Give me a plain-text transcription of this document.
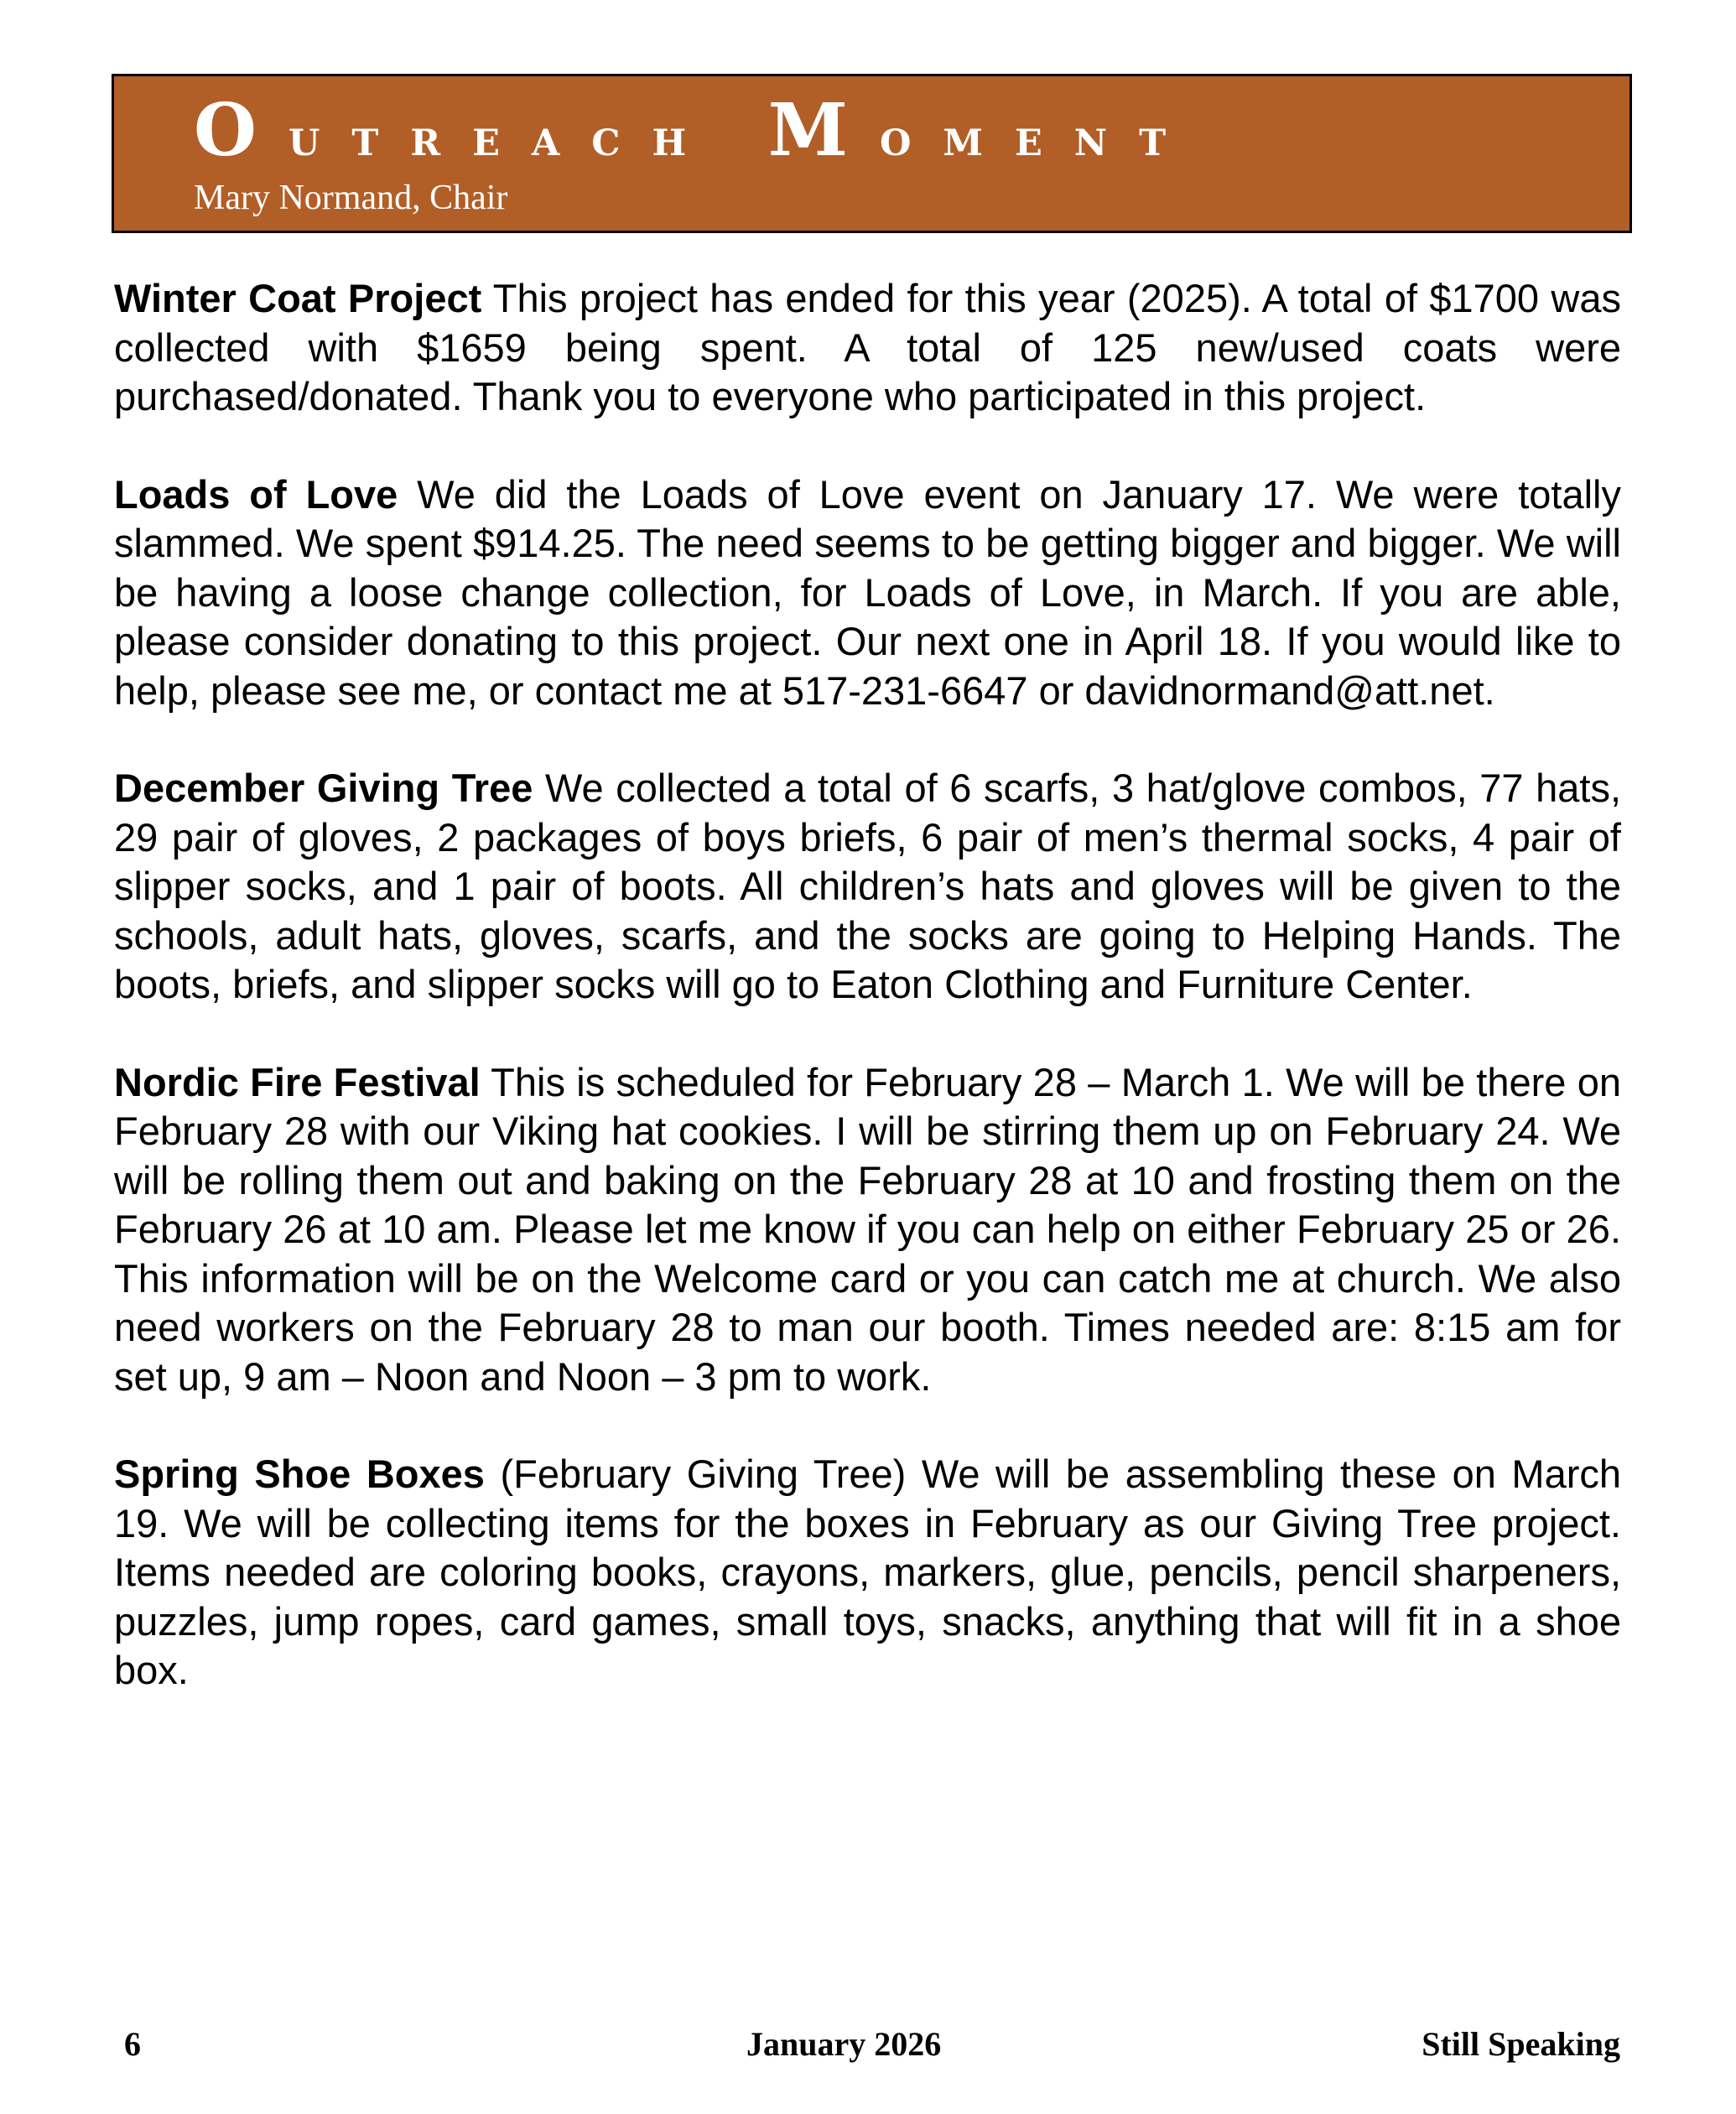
Outreach Moment
Mary Normand, Chair

Winter Coat Project This project has ended for this year (2025). A total of $1700 was collected with $1659 being spent. A total of 125 new/used coats were purchased/donated. Thank you to everyone who participated in this project.

Loads of Love We did the Loads of Love event on January 17. We were totally slammed. We spent $914.25. The need seems to be getting bigger and bigger. We will be having a loose change collection, for Loads of Love, in March. If you are able, please consider donating to this project. Our next one in April 18. If you would like to help, please see me, or contact me at 517-231-6647 or davidnormand@att.net.

December Giving Tree We collected a total of 6 scarfs, 3 hat/glove combos, 77 hats, 29 pair of gloves, 2 packages of boys briefs, 6 pair of men’s thermal socks, 4 pair of slipper socks, and 1 pair of boots. All children’s hats and gloves will be given to the schools, adult hats, gloves, scarfs, and the socks are going to Helping Hands. The boots, briefs, and slipper socks will go to Eaton Clothing and Furniture Center.

Nordic Fire Festival This is scheduled for February 28 – March 1. We will be there on February 28 with our Viking hat cookies. I will be stirring them up on February 24. We will be rolling them out and baking on the February 28 at 10 and frosting them on the February 26 at 10 am. Please let me know if you can help on either February 25 or 26. This information will be on the Welcome card or you can catch me at church. We also need workers on the February 28 to man our booth. Times needed are: 8:15 am for set up, 9 am – Noon and Noon – 3 pm to work.

Spring Shoe Boxes (February Giving Tree) We will be assembling these on March 19. We will be collecting items for the boxes in February as our Giving Tree project. Items needed are coloring books, crayons, markers, glue, pencils, pencil sharpeners, puzzles, jump ropes, card games, small toys, snacks, anything that will fit in a shoe box.

6	January 2026	Still Speaking
